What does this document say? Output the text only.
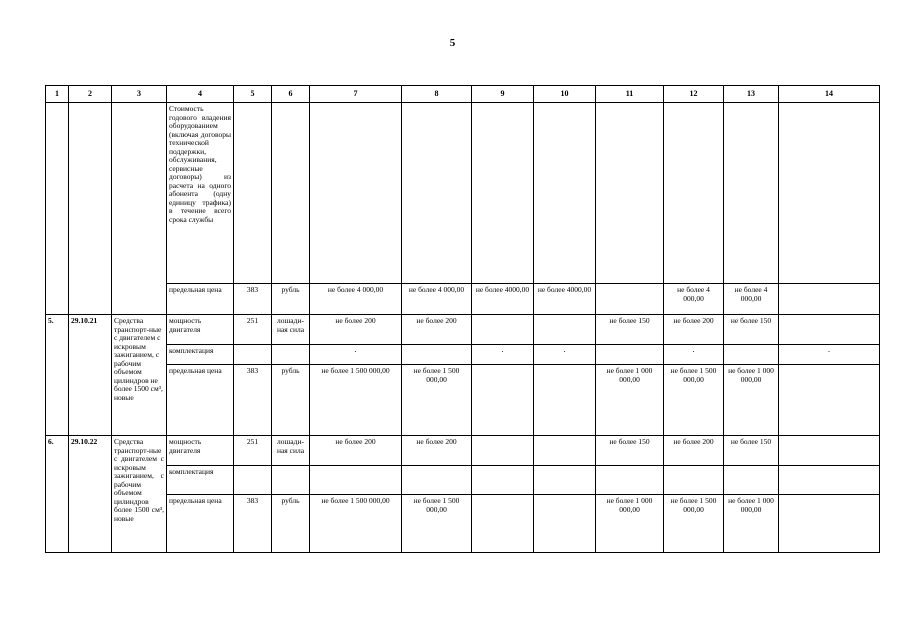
5
1	2	3	4	5	6	7	8	9	10	11	12	13	14	
			Стоимость годового владения оборудованием (включая договоры технической поддержки, обслуживания, сервисные договоры) из расчета на одного абонента (одну единицу трафика) в течение всего срока службы											
			предельная цена	383	рубль	не более 4 000,00	не более 4 000,00	не более 4000,00	не более 4000,00		не более 4 000,00	не более 4 000,00		
5.	29.10.21	Средства транспорт-ные с двигателем с искровым зажиганием, с рабочим объемом цилиндров не более 1500 см³, новые	мощность двигателя	251	лошади-ная сила	не более 200	не более 200			не более 150	не более 200	не более 150		
			комплектация			.		.	.		.		.	

			предельная цена	383	рубль	не более 1 500 000,00	не более 1 500 000,00			не более 1 000 000,00	не более 1 500 000,00	не более 1 000 000,00		
6.	29.10.22	Средства транспорт-ные с двигателем с искровым зажиганием, с рабочим объемом цилиндров более 1500 см³, новые	мощность двигателя	251	лошади-ная сила	не более 200	не более 200			не более 150	не более 200	не более 150		
			комплектация											
			предельная цена	383	рубль	не более 1 500 000,00	не более 1 500 000,00			не более 1 000 000,00	не более 1 500 000,00	не более 1 000 000,00		
